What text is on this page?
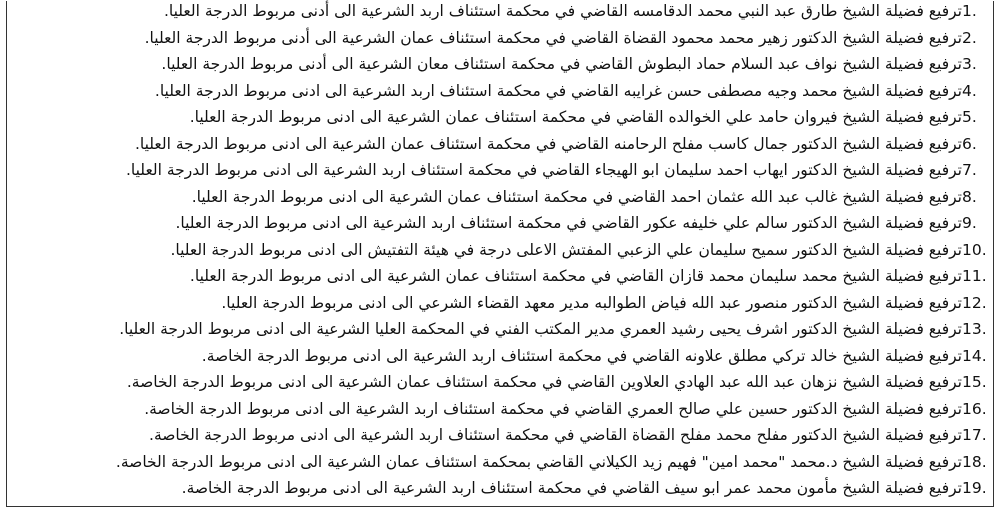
1.
ترفيع فضيلة الشيخ طارق عبد النبي محمد الدقامسه القاضي في محكمة استئناف اربد الشرعية الى أدنى مربوط الدرجة العليا.
2.
ترفيع فضيلة الشيخ الدكتور زهير محمد محمود القضاة القاضي في محكمة استئناف عمان الشرعية الى أدنى مربوط الدرجة العليا.
3.
ترفيع فضيلة الشيخ نواف عبد السلام حماد البطوش القاضي في محكمة استئناف معان الشرعية الى أدنى مربوط الدرجة العليا.
4.
ترفيع فضيلة الشيخ محمد وجيه مصطفى حسن غرايبه القاضي في محكمة استئناف اربد الشرعية الى ادنى مربوط الدرجة العليا.
5.
ترفيع فضيلة الشيخ فيروان حامد علي الخوالده القاضي في محكمة استئناف عمان الشرعية الى ادنى مربوط الدرجة العليا.
6.
ترفيع فضيلة الشيخ الدكتور جمال كاسب مفلح الرحامنه القاضي في محكمة استئناف عمان الشرعية الى ادنى مربوط الدرجة العليا.
7.
ترفيع فضيلة الشيخ الدكتور ايهاب احمد سليمان ابو الهيجاء القاضي في محكمة استئناف اربد الشرعية الى ادنى مربوط الدرجة العليا.
8.
ترفيع فضيلة الشيخ غالب عبد الله عثمان احمد القاضي في محكمة استئناف عمان الشرعية الى ادنى مربوط الدرجة العليا.
9.
ترفيع فضيلة الشيخ الدكتور سالم علي خليفه عكور القاضي في محكمة استئناف اربد الشرعية الى ادنى مربوط الدرجة العليا.
10.
ترفيع فضيلة الشيخ الدكتور سميح سليمان علي الزعبي المفتش الاعلى درجة في هيئة التفتيش الى ادنى مربوط الدرجة العليا.
11.
ترفيع فضيلة الشيخ محمد سليمان محمد قازان القاضي في محكمة استئناف عمان الشرعية الى ادنى مربوط الدرجة العليا.
12.
ترفيع فضيلة الشيخ الدكتور منصور عبد الله فياض الطوالبه مدير معهد القضاء الشرعي الى ادنى مربوط الدرجة العليا.
13.
ترفيع فضيلة الشيخ الدكتور اشرف يحيى رشيد العمري مدير المكتب الفني في المحكمة العليا الشرعية الى ادنى مربوط الدرجة العليا.
14.
ترفيع فضيلة الشيخ خالد تركي مطلق علاونه القاضي في محكمة استئناف اربد الشرعية الى ادنى مربوط الدرجة الخاصة.
15.
ترفيع فضيلة الشيخ نزهان عبد الله عبد الهادي العلاوين القاضي في محكمة استئناف عمان الشرعية الى ادنى مربوط الدرجة الخاصة.
16.
ترفيع فضيلة الشيخ الدكتور حسين علي صالح العمري القاضي في محكمة استئناف اربد الشرعية الى ادنى مربوط الدرجة الخاصة.
17.
ترفيع فضيلة الشيخ الدكتور مفلح محمد مفلح القضاة القاضي في محكمة استئناف اربد الشرعية الى ادنى مربوط الدرجة الخاصة.
18.
ترفيع فضيلة الشيخ د.محمد "محمد امين" فهيم زيد الكيلاني القاضي بمحكمة استئناف عمان الشرعية الى ادنى مربوط الدرجة الخاصة.
19.
ترفيع فضيلة الشيخ مأمون محمد عمر ابو سيف القاضي في محكمة استئناف اربد الشرعية الى ادنى مربوط الدرجة الخاصة.
